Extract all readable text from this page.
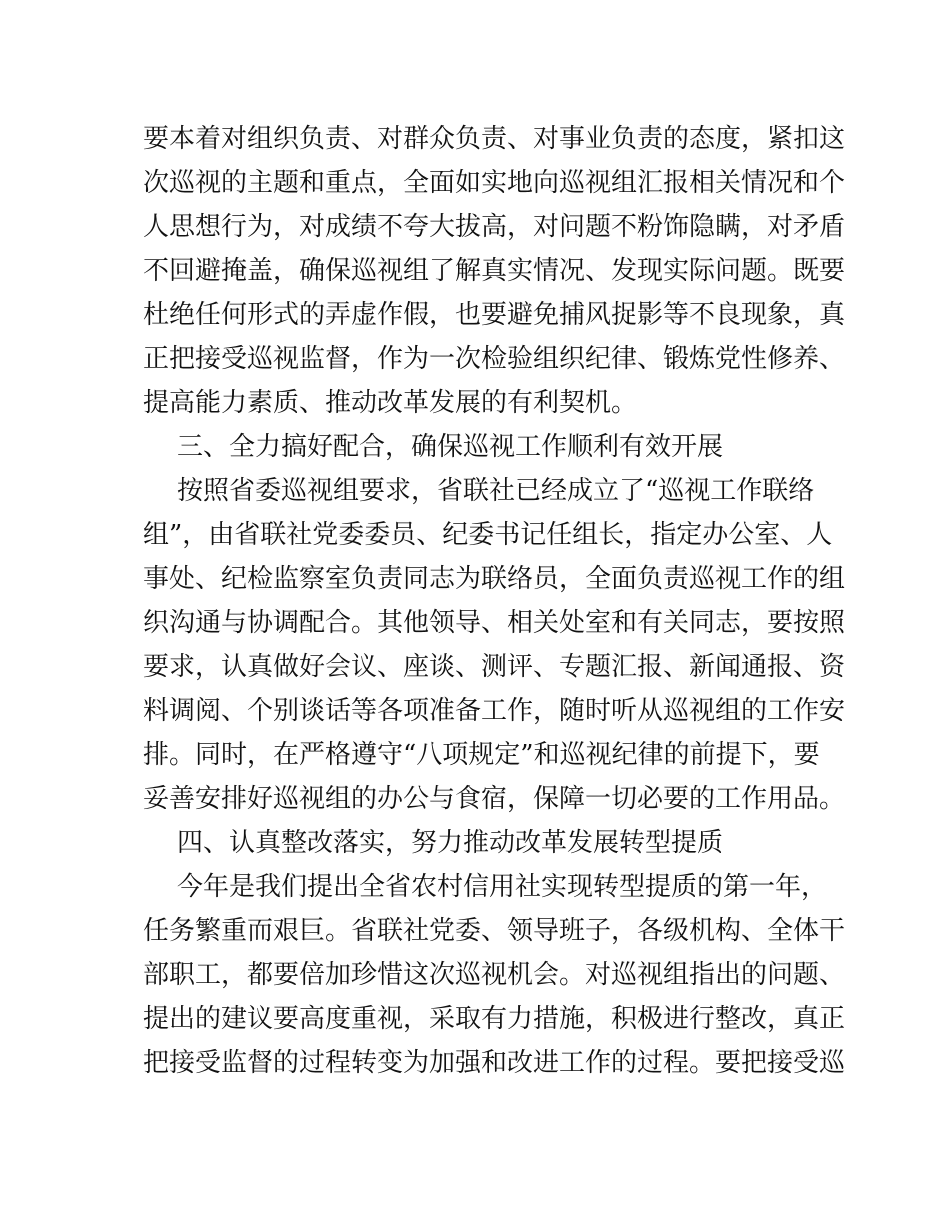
要本着对组织负责、对群众负责、对事业负责的态度，紧扣这
次巡视的主题和重点，全面如实地向巡视组汇报相关情况和个
人思想行为，对成绩不夸大拔高，对问题不粉饰隐瞒，对矛盾
不回避掩盖，确保巡视组了解真实情况、发现实际问题。既要
杜绝任何形式的弄虚作假，也要避免捕风捉影等不良现象，真
正把接受巡视监督，作为一次检验组织纪律、锻炼党性修养、
提高能力素质、推动改革发展的有利契机。
三、全力搞好配合，确保巡视工作顺利有效开展
按照省委巡视组要求，省联社已经成立了“巡视工作联络
组”，由省联社党委委员、纪委书记任组长，指定办公室、人
事处、纪检监察室负责同志为联络员，全面负责巡视工作的组
织沟通与协调配合。其他领导、相关处室和有关同志，要按照
要求，认真做好会议、座谈、测评、专题汇报、新闻通报、资
料调阅、个别谈话等各项准备工作，随时听从巡视组的工作安
排。同时，在严格遵守“八项规定”和巡视纪律的前提下，要
妥善安排好巡视组的办公与食宿，保障一切必要的工作用品。
四、认真整改落实，努力推动改革发展转型提质
今年是我们提出全省农村信用社实现转型提质的第一年，
任务繁重而艰巨。省联社党委、领导班子，各级机构、全体干
部职工，都要倍加珍惜这次巡视机会。对巡视组指出的问题、
提出的建议要高度重视，采取有力措施，积极进行整改，真正
把接受监督的过程转变为加强和改进工作的过程。要把接受巡
